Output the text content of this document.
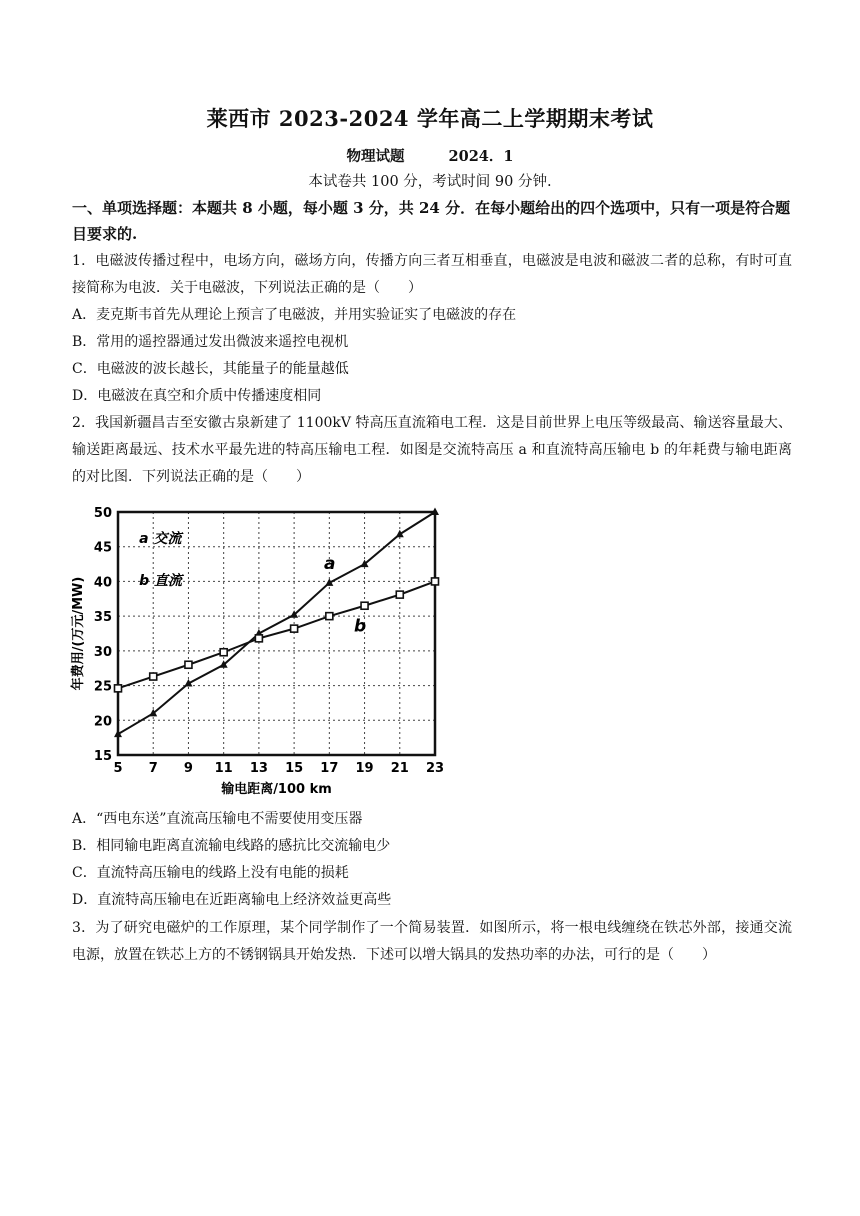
莱西市 2023-2024 学年高二上学期期末考试
物理试题	2024．1
本试卷共 100 分，考试时间 90 分钟.
一、单项选择题：本题共 8 小题，每小题 3 分，共 24 分．在每小题给出的四个选项中，只有一项是符合题目要求的.
1．电磁波传播过程中，电场方向，磁场方向，传播方向三者互相垂直，电磁波是电波和磁波二者的总称，有时可直接简称为电波．关于电磁波，下列说法正确的是（　　）
A．麦克斯韦首先从理论上预言了电磁波，并用实验证实了电磁波的存在
B．常用的遥控器通过发出微波来遥控电视机
C．电磁波的波长越长，其能量子的能量越低
D．电磁波在真空和介质中传播速度相同
2．我国新疆昌吉至安徽古泉新建了 1100kV 特高压直流箱电工程．这是目前世界上电压等级最高、输送容量最大、输送距离最远、技术水平最先进的特高压输电工程．如图是交流特高压 a 和直流特高压输电 b 的年耗费与输电距离的对比图．下列说法正确的是（　　）
5 7 9 11 13 15 17 19 21 23
15
20
25
30
35
40
45
50
a 交流
b 直流
a
b
输电距离/100 km
年费用/(万元/MW)
A．“西电东送”直流高压输电不需要使用变压器
B．相同输电距离直流输电线路的感抗比交流输电少
C．直流特高压输电的线路上没有电能的损耗
D．直流特高压输电在近距离输电上经济效益更高些
3．为了研究电磁炉的工作原理，某个同学制作了一个简易装置．如图所示，将一根电线缠绕在铁芯外部，接通交流电源，放置在铁芯上方的不锈钢锅具开始发热．下述可以增大锅具的发热功率的办法，可行的是（　　）
